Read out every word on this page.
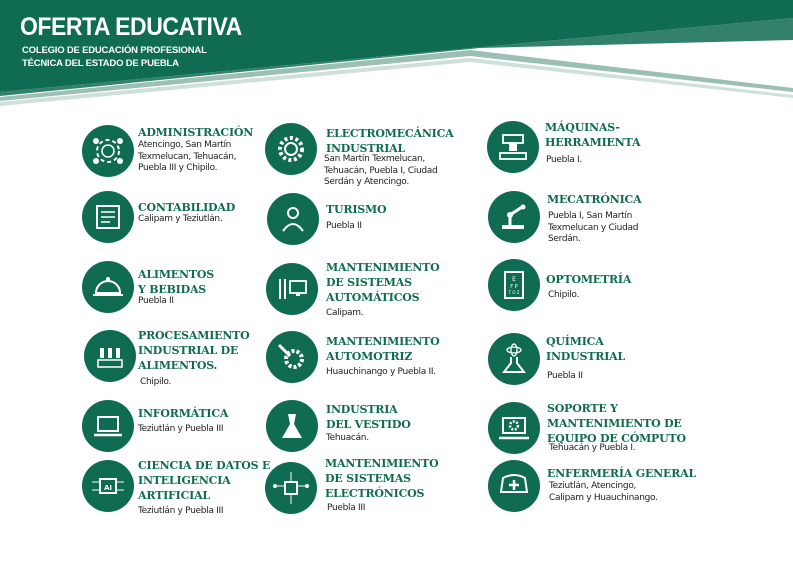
OFERTA EDUCATIVA
COLEGIO DE EDUCACIÓN PROFESIONAL
TÉCNICA DEL ESTADO DE PUEBLA
ADMINISTRACIÓN
Atencingo, San Martín
Texmelucan, Tehuacán,
Puebla III y Chipilo.
CONTABILIDAD
Calipam y Teziutlán.
ALIMENTOS
Y BEBIDAS
Puebla II
PROCESAMIENTO
INDUSTRIAL DE
ALIMENTOS.
Chipilo.
INFORMÁTICA
Teziutlán y Puebla III
AI
CIENCIA DE DATOS E
INTELIGENCIA
ARTIFICIAL
Teziutlán y Puebla III
ELECTROMECÁNICA
INDUSTRIAL
San Martín Texmelucan,
Tehuacán, Puebla I, Ciudad
Serdán y Atencingo.
TURISMO
Puebla II
MANTENIMIENTO
DE SISTEMAS
AUTOMÁTICOS
Calipam.
MANTENIMIENTO
AUTOMOTRIZ
Huauchinango y Puebla II.
INDUSTRIA
DEL VESTIDO
Tehuacán.
MANTENIMIENTO
DE SISTEMAS
ELECTRÓNICOS
Puebla III
MÁQUINAS-
HERRAMIENTA
Puebla I.
MECATRÓNICA
Puebla I, San Martín
Texmelucan y Ciudad
Serdán.
E
F P
T O Z
OPTOMETRÍA
Chipilo.
QUÍMICA
INDUSTRIAL
Puebla II
SOPORTE Y
MANTENIMIENTO DE
EQUIPO DE CÓMPUTO
Tehuacán y Puebla I.
ENFERMERÍA GENERAL
Teziutlán, Atencingo,
Calipam y Huauchinango.
